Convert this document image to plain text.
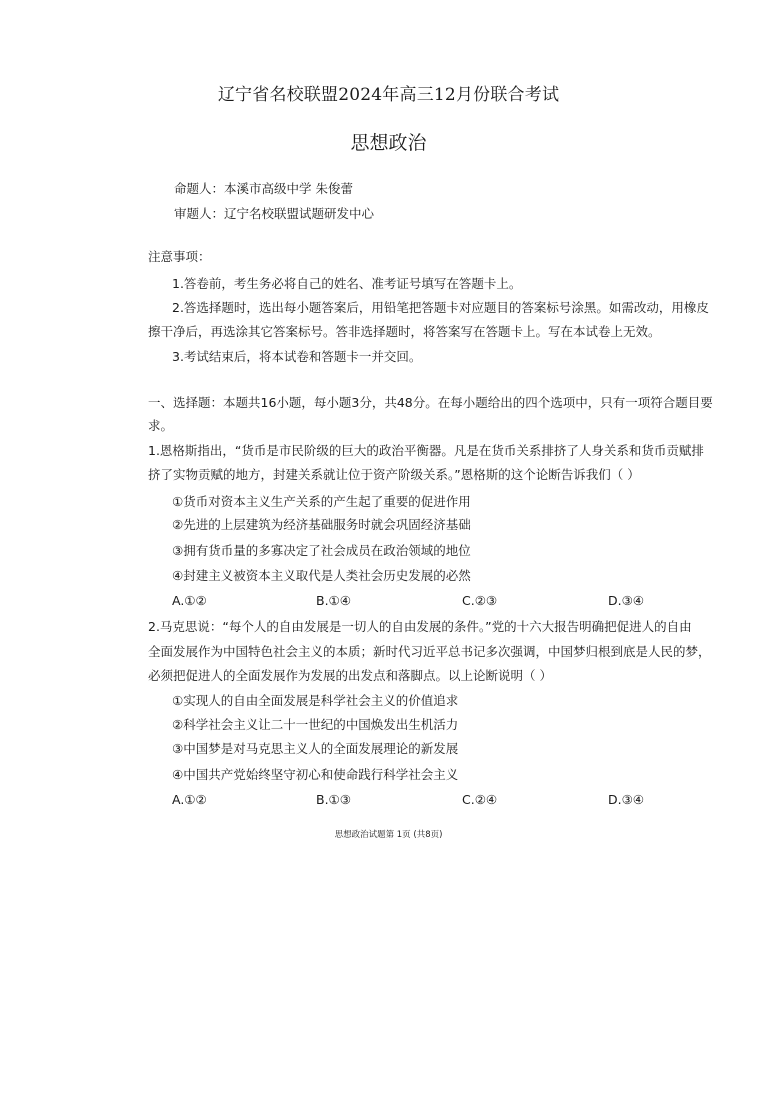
辽宁省名校联盟2024年高三12月份联合考试
思想政治
命题人：本溪市高级中学 朱俊蕾
审题人：辽宁名校联盟试题研发中心
注意事项：
1.答卷前，考生务必将自己的姓名、准考证号填写在答题卡上。
2.答选择题时，选出每小题答案后，用铅笔把答题卡对应题目的答案标号涂黑。如需改动，用橡皮
擦干净后，再选涂其它答案标号。答非选择题时，将答案写在答题卡上。写在本试卷上无效。
3.考试结束后，将本试卷和答题卡一并交回。
一、选择题：本题共16小题，每小题3分，共48分。在每小题给出的四个选项中，只有一项符合题目要
求。
1.恩格斯指出，“货币是市民阶级的巨大的政治平衡器。凡是在货币关系排挤了人身关系和货币贡赋排
挤了实物贡赋的地方，封建关系就让位于资产阶级关系。”恩格斯的这个论断告诉我们（ ）
①货币对资本主义生产关系的产生起了重要的促进作用
②先进的上层建筑为经济基础服务时就会巩固经济基础
③拥有货币量的多寡决定了社会成员在政治领域的地位
④封建主义被资本主义取代是人类社会历史发展的必然
A.①②	B.①④	C.②③	D.③④
2.马克思说：“每个人的自由发展是一切人的自由发展的条件。”党的十六大报告明确把促进人的自由
全面发展作为中国特色社会主义的本质；新时代习近平总书记多次强调，中国梦归根到底是人民的梦，
必须把促进人的全面发展作为发展的出发点和落脚点。以上论断说明（ ）
①实现人的自由全面发展是科学社会主义的价值追求
②科学社会主义让二十一世纪的中国焕发出生机活力
③中国梦是对马克思主义人的全面发展理论的新发展
④中国共产党始终坚守初心和使命践行科学社会主义
A.①②	B.①③	C.②④	D.③④
思想政治试题第 1页 (共8页)
